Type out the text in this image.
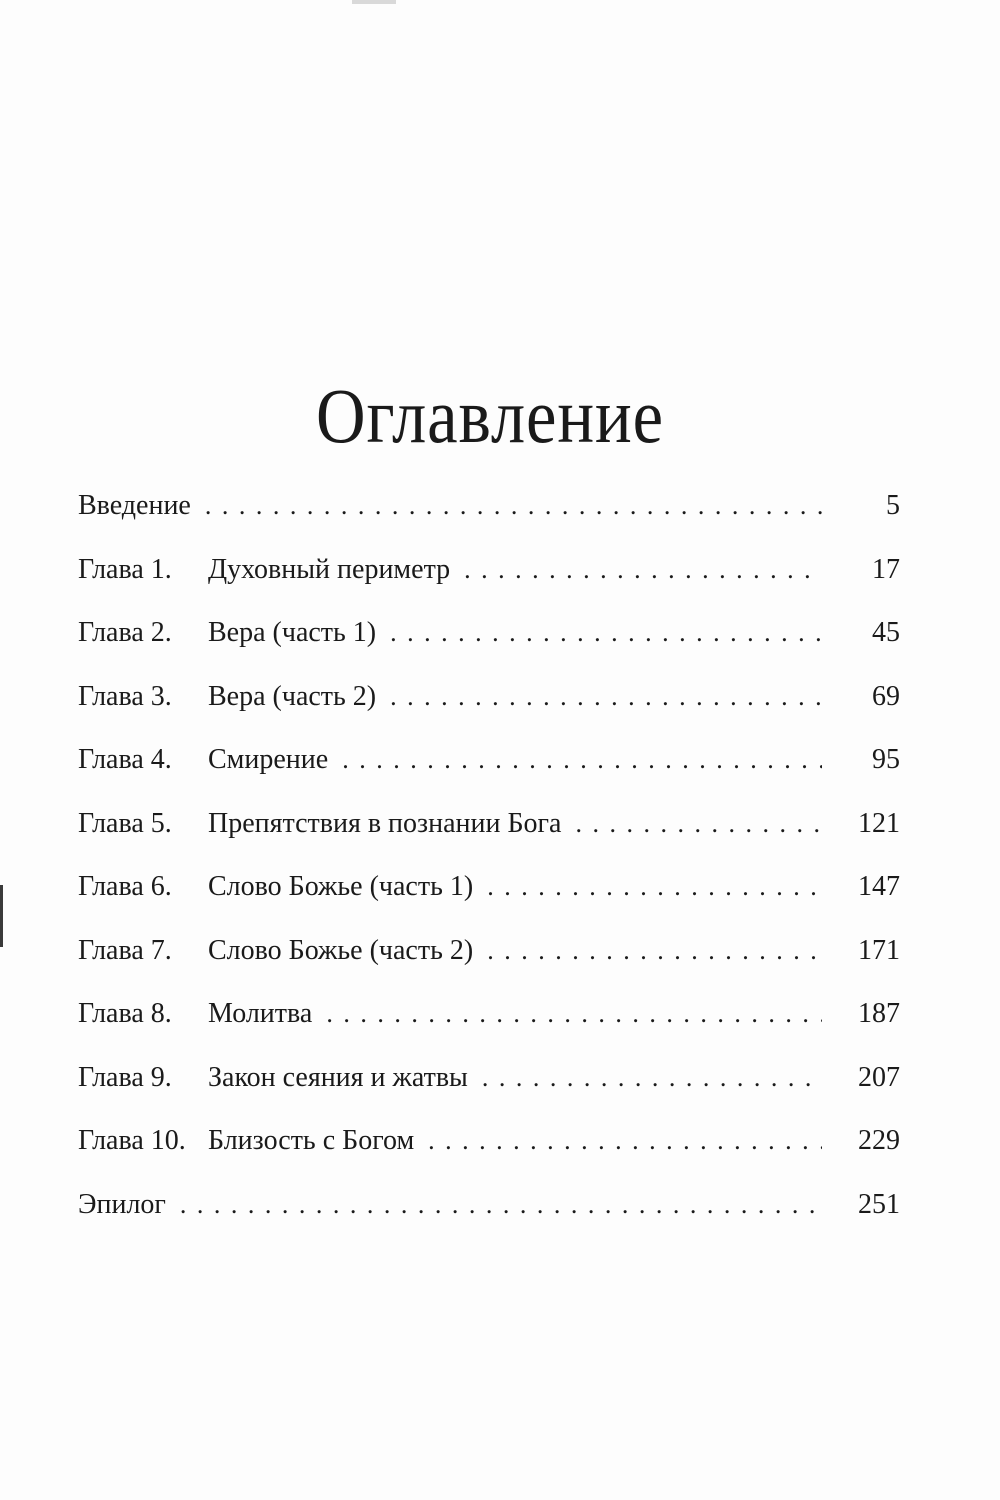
Оглавление
Введение . . .	5
Глава 1.	Духовный периметр . . .	17
Глава 2.	Вера (часть 1) . . .	45
Глава 3.	Вера (часть 2) . . .	69
Глава 4.	Смирение . . .	95
Глава 5.	Препятствия в познании Бога . . .	121
Глава 6.	Слово Божье (часть 1) . . .	147
Глава 7.	Слово Божье (часть 2) . . .	171
Глава 8.	Молитва . . .	187
Глава 9.	Закон сеяния и жатвы . . .	207
Глава 10. Близость с Богом . . .	229
Эпилог . . .	251
